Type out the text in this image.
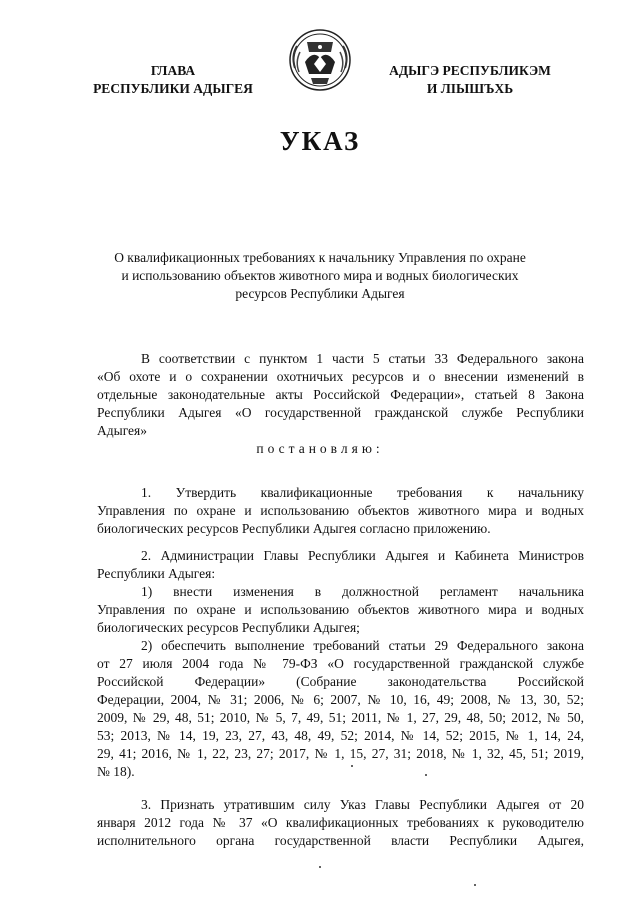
ГЛАВА
РЕСПУБЛИКИ АДЫГЕЯ
АДЫГЭ РЕСПУБЛИКЭМ
И ЛІЫШЪХЬ
УКАЗ
О квалификационных требованиях к начальнику Управления по охране
и использованию объектов животного мира и водных биологических
ресурсов Республики Адыгея
В соответствии с пунктом 1 части 5 статьи 33 Федерального закона
«Об охоте и о сохранении охотничьих ресурсов и о внесении изменений в
отдельные законодательные акты Российской Федерации», статьей 8 Закона
Республики Адыгея «О государственной гражданской службе Республики
Адыгея»
постановляю:
1. Утвердить квалификационные требования к начальнику
Управления по охране и использованию объектов животного мира и водных
биологических ресурсов Республики Адыгея согласно приложению.
2. Администрации Главы Республики Адыгея и Кабинета Министров
Республики Адыгея:
1) внести изменения в должностной регламент начальника
Управления по охране и использованию объектов животного мира и водных
биологических ресурсов Республики Адыгея;
2) обеспечить выполнение требований статьи 29 Федерального закона
от 27 июля 2004 года № 79-ФЗ «О государственной гражданской службе
Российской Федерации» (Собрание законодательства Российской
Федерации, 2004, № 31; 2006, № 6; 2007, № 10, 16, 49; 2008, № 13, 30, 52;
2009, № 29, 48, 51; 2010, № 5, 7, 49, 51; 2011, № 1, 27, 29, 48, 50; 2012, № 50,
53; 2013, № 14, 19, 23, 27, 43, 48, 49, 52; 2014, № 14, 52; 2015, № 1, 14, 24,
29, 41; 2016, № 1, 22, 23, 27; 2017, № 1, 15, 27, 31; 2018, № 1, 32, 45, 51; 2019,
№ 18).
3. Признать утратившим силу Указ Главы Республики Адыгея от 20
января 2012 года № 37 «О квалификационных требованиях к руководителю
исполнительного органа государственной власти Республики Адыгея,
